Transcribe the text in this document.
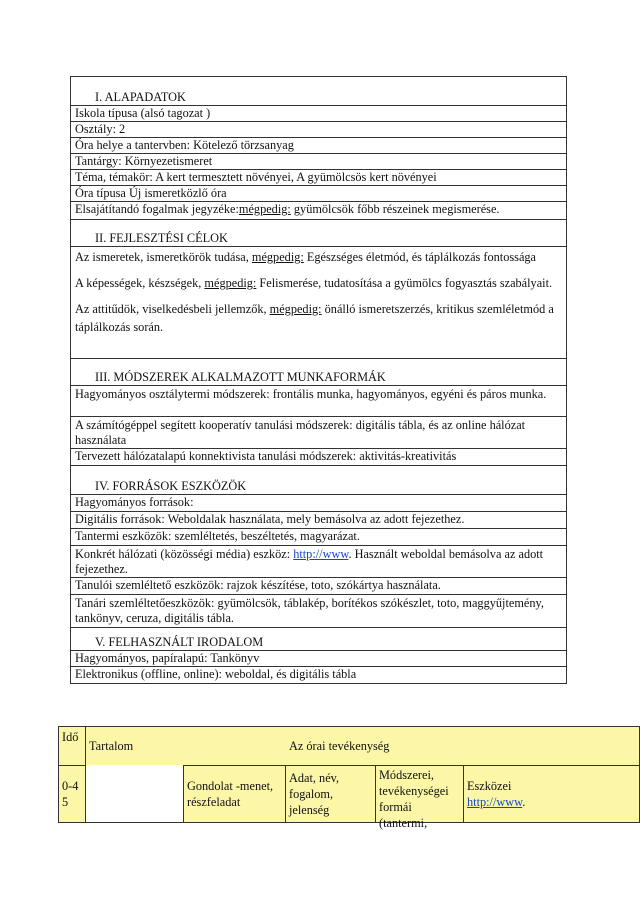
I. ALAPADATOK
Iskola típusa (alsó tagozat )
Osztály: 2
Óra helye a tantervben: Kötelező törzsanyag
Tantárgy: Környezetismeret
Téma, témakör: A kert termesztett növényei, A gyümölcsös kert növényei
Óra típusa Új ismeretközlő óra
Elsajátítandó fogalmak jegyzéke:mégpedig: gyümölcsök főbb részeinek megismerése.
II. FEJLESZTÉSI CÉLOK
Az ismeretek, ismeretkörök tudása, mégpedig: Egészséges életmód, és táplálkozás fontossága
A képességek, készségek, mégpedig: Felismerése, tudatosítása a gyümölcs fogyasztás szabályait.
Az attitűdök, viselkedésbeli jellemzők, mégpedig: önálló ismeretszerzés, kritikus szemléletmód a táplálkozás során.
III. MÓDSZEREK ALKALMAZOTT MUNKAFORMÁK
Hagyományos osztálytermi módszerek: frontális munka, hagyományos, egyéni és páros munka.
A számítógéppel segített kooperatív tanulási módszerek: digitális tábla, és az online hálózat használata
Tervezett hálózatalapú konnektivista tanulási módszerek: aktivitás-kreativitás
IV. FORRÁSOK ESZKÖZÖK
Hagyományos források:
Digitális források: Weboldalak használata, mely bemásolva az adott fejezethez.
Tantermi eszközök: szemléltetés, beszéltetés, magyarázat.
Konkrét hálózati (közösségi média) eszköz: http://www. Használt weboldal bemásolva az adott fejezethez.
Tanulói szemléltető eszközök: rajzok készítése, toto, szókártya használata.
Tanári szemléltetőeszközök: gyümölcsök, táblakép, borítékos szókészlet, toto, maggyűjtemény, tankönyv, ceruza, digitális tábla.
V. FELHASZNÁLT IRODALOM
Hagyományos, papíralapú: Tankönyv
Elektronikus (offline, online): weboldal, és digitális tábla
Idő
Tartalom	Az órai tevékenység
0-45
Gondolat -menet, részfeladat
Adat, név, fogalom, jelenség
Módszerei, tevékenységei formái (tantermi,
Eszközei
http://www.
